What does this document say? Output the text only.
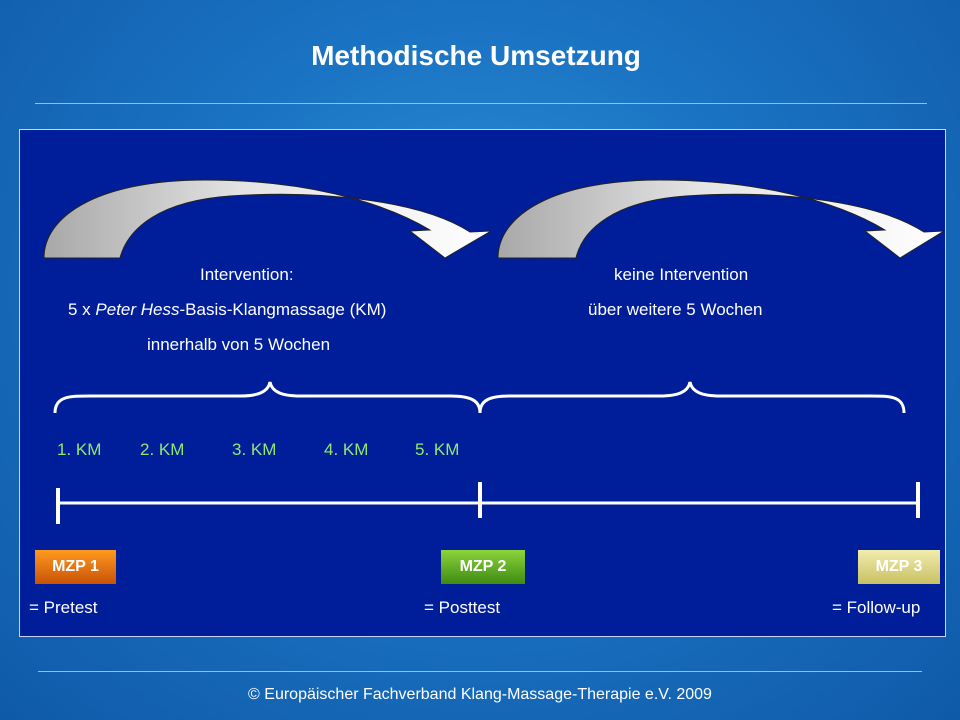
Methodische Umsetzung
Intervention:
5 x Peter Hess-Basis-Klangmassage (KM)
innerhalb von 5 Wochen
keine Intervention
über weitere 5 Wochen
1. KM 2. KM	3. KM	4. KM	5. KM
MZP 1	MZP 2	MZP 3
= Pretest	= Posttest	= Follow-up
© Europäischer Fachverband Klang-Massage-Therapie e.V. 2009
